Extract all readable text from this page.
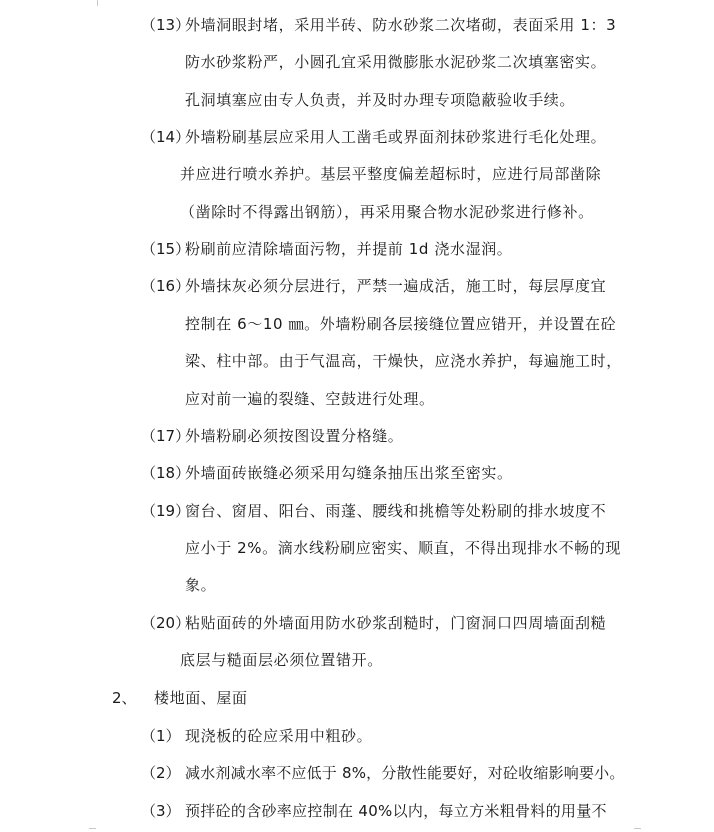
（13）
外墙洞眼封堵，采用半砖、防水砂浆二次堵砌，表面采用 1：3
防水砂浆粉严，小圆孔宜采用微膨胀水泥砂浆二次填塞密实。
孔洞填塞应由专人负责，并及时办理专项隐蔽验收手续。
（14）
外墙粉刷基层应采用人工凿毛或界面剂抹砂浆进行毛化处理。
并应进行喷水养护。基层平整度偏差超标时，应进行局部凿除
（凿除时不得露出钢筋），再采用聚合物水泥砂浆进行修补。
（15）
粉刷前应清除墙面污物，并提前 1d 浇水湿润。
（16）
外墙抹灰必须分层进行，严禁一遍成活，施工时，每层厚度宜
控制在 6～10 ㎜。外墙粉刷各层接缝位置应错开，并设置在砼
梁、柱中部。由于气温高，干燥快，应浇水养护，每遍施工时，
应对前一遍的裂缝、空鼓进行处理。
（17）
外墙粉刷必须按图设置分格缝。
（18）
外墙面砖嵌缝必须采用勾缝条抽压出浆至密实。
（19）
窗台、窗眉、阳台、雨蓬、腰线和挑檐等处粉刷的排水坡度不
应小于 2%。滴水线粉刷应密实、顺直，不得出现排水不畅的现
象。
（20）
粘贴面砖的外墙面用防水砂浆刮糙时，门窗洞口四周墙面刮糙
底层与糙面层必须位置错开。
2、 楼地面、屋面
（1） 现浇板的砼应采用中粗砂。
（2） 减水剂减水率不应低于 8%，分散性能要好，对砼收缩影响要小。
（3） 预拌砼的含砂率应控制在 40%以内，每立方米粗骨料的用量不
